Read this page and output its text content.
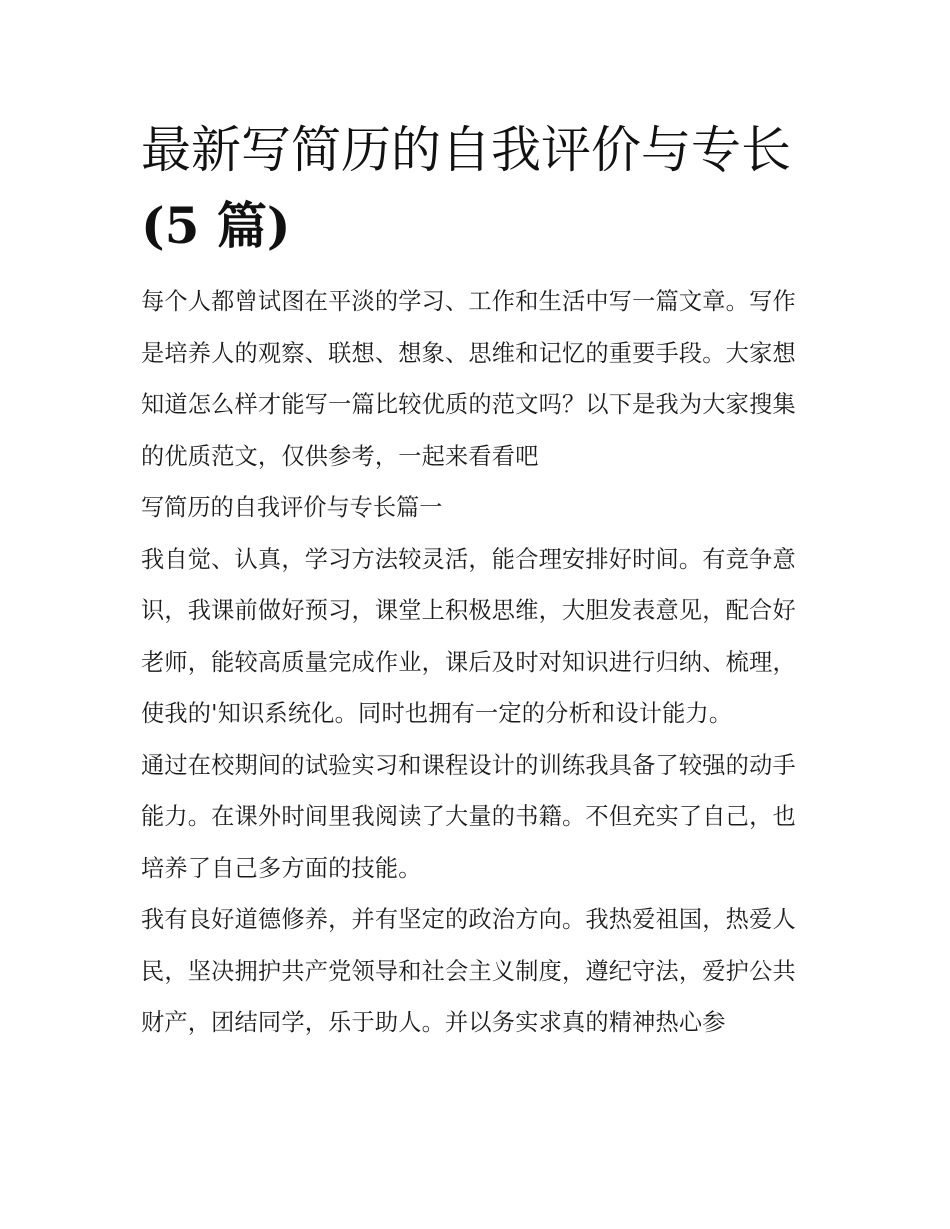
最新写简历的自我评价与专长
(5 篇)

每个人都曾试图在平淡的学习、工作和生活中写一篇文章。写作是培养人的观察、联想、想象、思维和记忆的重要手段。大家想知道怎么样才能写一篇比较优质的范文吗？以下是我为大家搜集的优质范文，仅供参考，一起来看看吧

写简历的自我评价与专长篇一

我自觉、认真，学习方法较灵活，能合理安排好时间。有竞争意识，我课前做好预习，课堂上积极思维，大胆发表意见，配合好老师，能较高质量完成作业，课后及时对知识进行归纳、梳理，使我的'知识系统化。同时也拥有一定的分析和设计能力。

通过在校期间的试验实习和课程设计的训练我具备了较强的动手能力。在课外时间里我阅读了大量的书籍。不但充实了自己，也培养了自己多方面的技能。

我有良好道德修养，并有坚定的政治方向。我热爱祖国，热爱人民，坚决拥护共产党领导和社会主义制度，遵纪守法，爱护公共财产，团结同学，乐于助人。并以务实求真的精神热心参
